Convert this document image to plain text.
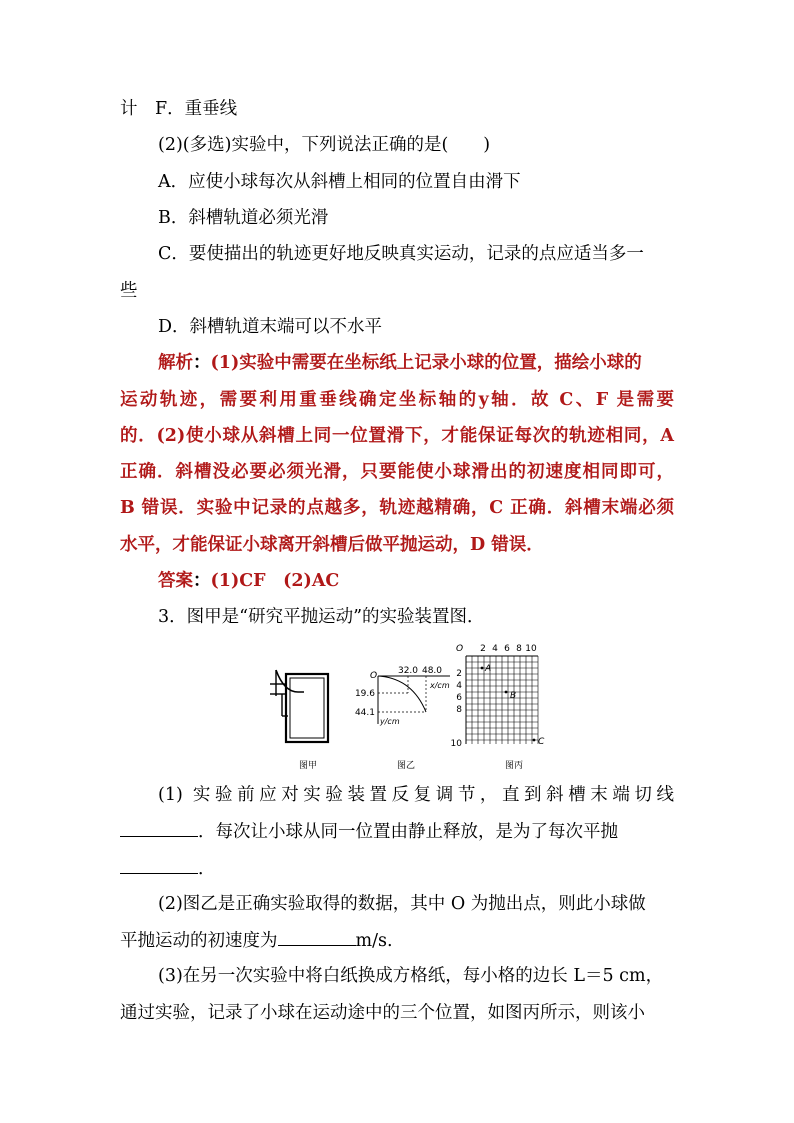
计　F．重垂线
(2)(多选)实验中，下列说法正确的是(　　)
A．应使小球每次从斜槽上相同的位置自由滑下
B．斜槽轨道必须光滑
C．要使描出的轨迹更好地反映真实运动，记录的点应适当多一
些
D．斜槽轨道末端可以不水平
解析：(1)实验中需要在坐标纸上记录小球的位置，描绘小球的
运动轨迹，需要利用重垂线确定坐标轴的y轴．故 C、F 是需要
的．(2)使小球从斜槽上同一位置滑下，才能保证每次的轨迹相同，A
正确．斜槽没必要必须光滑，只要能使小球滑出的初速度相同即可，
B 错误．实验中记录的点越多，轨迹越精确，C 正确．斜槽末端必须
水平，才能保证小球离开斜槽后做平抛运动，D 错误．
答案：(1)CF　(2)AC
3．图甲是“研究平抛运动”的实验装置图．
图甲
O 32.0 48.0
x/cm
19.6
44.1
y/cm
图乙
O 2 4 6 8 10
2
4
6
8
10
A
B
C
图丙
(1) 实验前应对实验装置反复调节，直到斜槽末端切线
．每次让小球从同一位置由静止释放，是为了每次平抛
．
(2)图乙是正确实验取得的数据，其中 O 为抛出点，则此小球做
平抛运动的初速度为	m/s.
(3)在另一次实验中将白纸换成方格纸，每小格的边长 L＝5 cm，
通过实验，记录了小球在运动途中的三个位置，如图丙所示，则该小
